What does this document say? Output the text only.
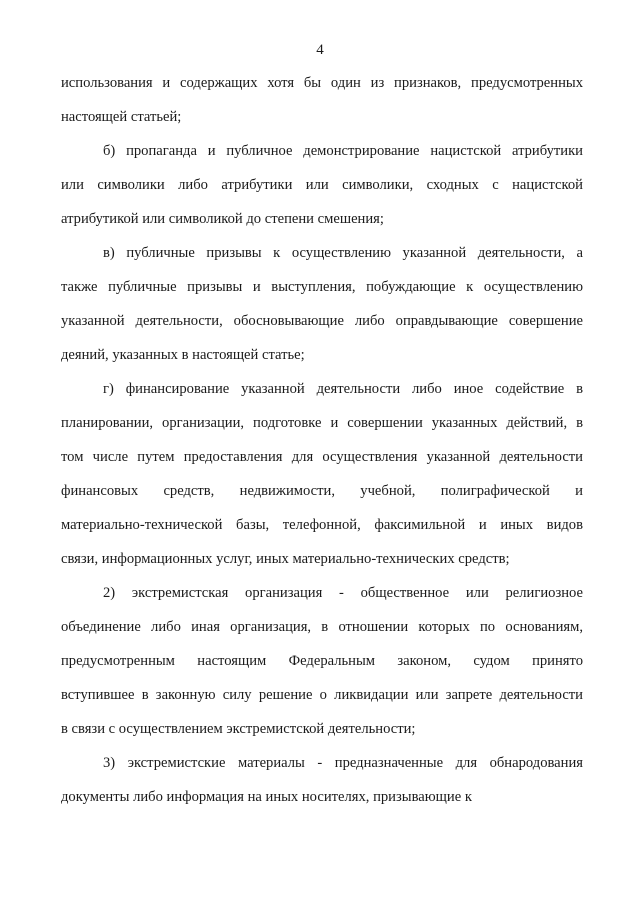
4
использования и содержащих хотя бы один из признаков, предусмотренных
настоящей статьей;
б) пропаганда и публичное демонстрирование нацистской атрибутики
или символики либо атрибутики или символики, сходных с нацистской
атрибутикой или символикой до степени смешения;
в) публичные призывы к осуществлению указанной деятельности, а
также публичные призывы и выступления, побуждающие к осуществлению
указанной деятельности, обосновывающие либо оправдывающие совершение
деяний, указанных в настоящей статье;
г) финансирование указанной деятельности либо иное содействие в
планировании, организации, подготовке и совершении указанных действий, в
том числе путем предоставления для осуществления указанной деятельности
финансовых средств, недвижимости, учебной, полиграфической и
материально-технической базы, телефонной, факсимильной и иных видов
связи, информационных услуг, иных материально-технических средств;
2) экстремистская организация - общественное или религиозное
объединение либо иная организация, в отношении которых по основаниям,
предусмотренным настоящим Федеральным законом, судом принято
вступившее в законную силу решение о ликвидации или запрете деятельности
в связи с осуществлением экстремистской деятельности;
3) экстремистские материалы - предназначенные для обнародования
документы либо информация на иных носителях, призывающие к
